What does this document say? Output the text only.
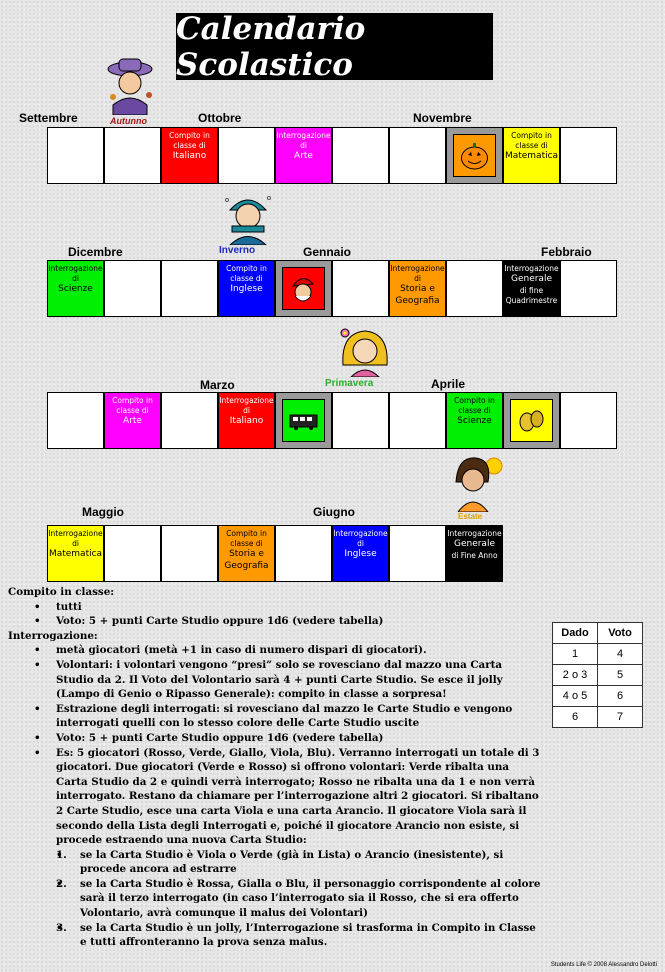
Calendario Scolastico
Autunno
Inverno
Primavera
Estate
Settembre	Ottobre	Novembre
Dicembre	Gennaio	Febbraio
Marzo	Aprile
Maggio	Giugno
Compito in
classe di
Italiano
Interrogazione
di
Arte
Compito in
classe di
Matematica
Interrogazione
di
Scienze
Compito in
classe di
Inglese
Interrogazione
di
Storia e
Geografia
Interrogazione
Generale
di fine
Quadrimestre
Compito in
classe di
Arte
Interrogazione
di
Italiano
Compito in
classe di
Scienze
Interrogazione
di
Matematica
Compito in
classe di
Storia e
Geografia
Interrogazione
di
Inglese
Interrogazione
Generale
di Fine Anno
Compito in classe:
• tutti
• Voto: 5 + punti Carte Studio oppure 1d6 (vedere tabella)
Interrogazione:
• metà giocatori (metà +1 in caso di numero dispari di giocatori).
• Volontari: i volontari vengono “presi” solo se rovesciano dal mazzo una Carta Studio da 2. Il Voto del Volontario sarà 4 + punti Carte Studio. Se esce il jolly (Lampo di Genio o Ripasso Generale): compito in classe a sorpresa!
• Estrazione degli interrogati: si rovesciano dal mazzo le Carte Studio e vengono interrogati quelli con lo stesso colore delle Carte Studio uscite
• Voto: 5 + punti Carte Studio oppure 1d6 (vedere tabella)
• Es: 5 giocatori (Rosso, Verde, Giallo, Viola, Blu). Verranno interrogati un totale di 3 giocatori. Due giocatori (Verde e Rosso) si offrono volontari: Verde ribalta una Carta Studio da 2 e quindi verrà interrogato; Rosso ne ribalta una da 1 e non verrà interrogato. Restano da chiamare per l’interrogazione altri 2 giocatori. Si ribaltano 2 Carte Studio, esce una carta Viola e una carta Arancio. Il giocatore Viola sarà il secondo della Lista degli Interrogati e, poiché il giocatore Arancio non esiste, si procede estraendo una nuova Carta Studio:
• 1. se la Carta Studio è Viola o Verde (già in Lista) o Arancio (inesistente), si procede ancora ad estrarre
• 2. se la Carta Studio è Rossa, Gialla o Blu, il personaggio corrispondente al colore sarà il terzo interrogato (in caso l’interrogato sia il Rosso, che si era offerto Volontario, avrà comunque il malus dei Volontari)
• 3. se la Carta Studio è un jolly, l’Interrogazione si trasforma in Compito in Classe e tutti affronteranno la prova senza malus.
Dado	Voto
1	4
2 o 3	5
4 o 5	6
6	7
Students Life © 2008 Alessandro Delotti
